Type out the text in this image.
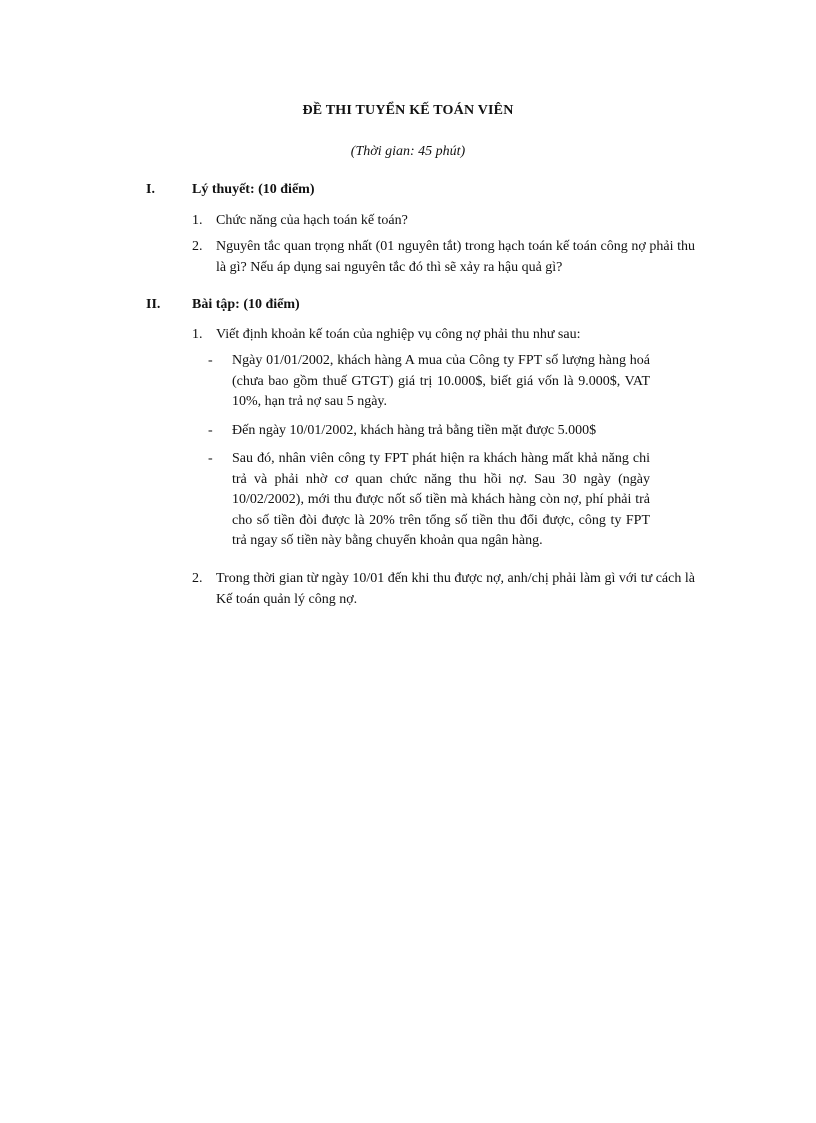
ĐỀ THI TUYỂN KẾ TOÁN VIÊN
(Thời gian: 45 phút)
I.	Lý thuyết: (10 điểm)
1. Chức năng của hạch toán kế toán?
2. Nguyên tắc quan trọng nhất (01 nguyên tắt) trong hạch toán kế toán công nợ phải thu là gì? Nếu áp dụng sai nguyên tắc đó thì sẽ xảy ra hậu quả gì?
II. Bài tập: (10 điểm)
1. Viết định khoản kế toán của nghiệp vụ công nợ phải thu như sau:
- Ngày 01/01/2002, khách hàng A mua của Công ty FPT số lượng hàng hoá (chưa bao gồm thuế GTGT) giá trị 10.000$, biết giá vốn là 9.000$, VAT 10%, hạn trả nợ sau 5 ngày.
- Đến ngày 10/01/2002, khách hàng trả bằng tiền mặt được 5.000$
- Sau đó, nhân viên công ty FPT phát hiện ra khách hàng mất khả năng chi trả và phải nhờ cơ quan chức năng thu hồi nợ. Sau 30 ngày (ngày 10/02/2002), mới thu được nốt số tiền mà khách hàng còn nợ, phí phải trả cho số tiền đòi được là 20% trên tổng số tiền thu đổi được, công ty FPT trả ngay số tiền này bằng chuyển khoản qua ngân hàng.
2. Trong thời gian từ ngày 10/01 đến khi thu được nợ, anh/chị phải làm gì với tư cách là Kế toán quản lý công nợ.
